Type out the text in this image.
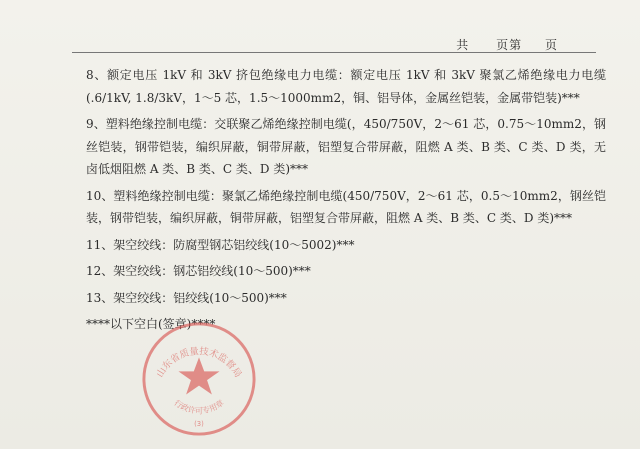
共 页第 页

8、额定电压 1kV 和 3kV 挤包绝缘电力电缆：额定电压 1kV 和 3kV 聚氯乙烯绝缘电力电缆(.6/1kV, 1.8/3kV，1～5 芯，1.5～1000mm2，铜、铝导体，金属丝铠装，金属带铠装)***

9、塑料绝缘控制电缆：交联聚乙烯绝缘控制电缆(，450/750V，2～61 芯，0.75～10mm2，钢丝铠装，钢带铠装，编织屏蔽，铜带屏蔽，铝塑复合带屏蔽，阻燃 A 类、B 类、C 类、D 类，无卤低烟阻燃 A 类、B 类、C 类、D 类)***

10、塑料绝缘控制电缆：聚氯乙烯绝缘控制电缆(450/750V，2～61 芯，0.5～10mm2，钢丝铠装，钢带铠装，编织屏蔽，铜带屏蔽，铝塑复合带屏蔽，阻燃 A 类、B 类、C 类、D 类)***

11、架空绞线：防腐型钢芯铝绞线(10～5002)***

12、架空绞线：钢芯铝绞线(10～500)***

13、架空绞线：铝绞线(10～500)***

****以下空白(签章)****

山东省质量技术监督局
行政许可专用章
(3)
